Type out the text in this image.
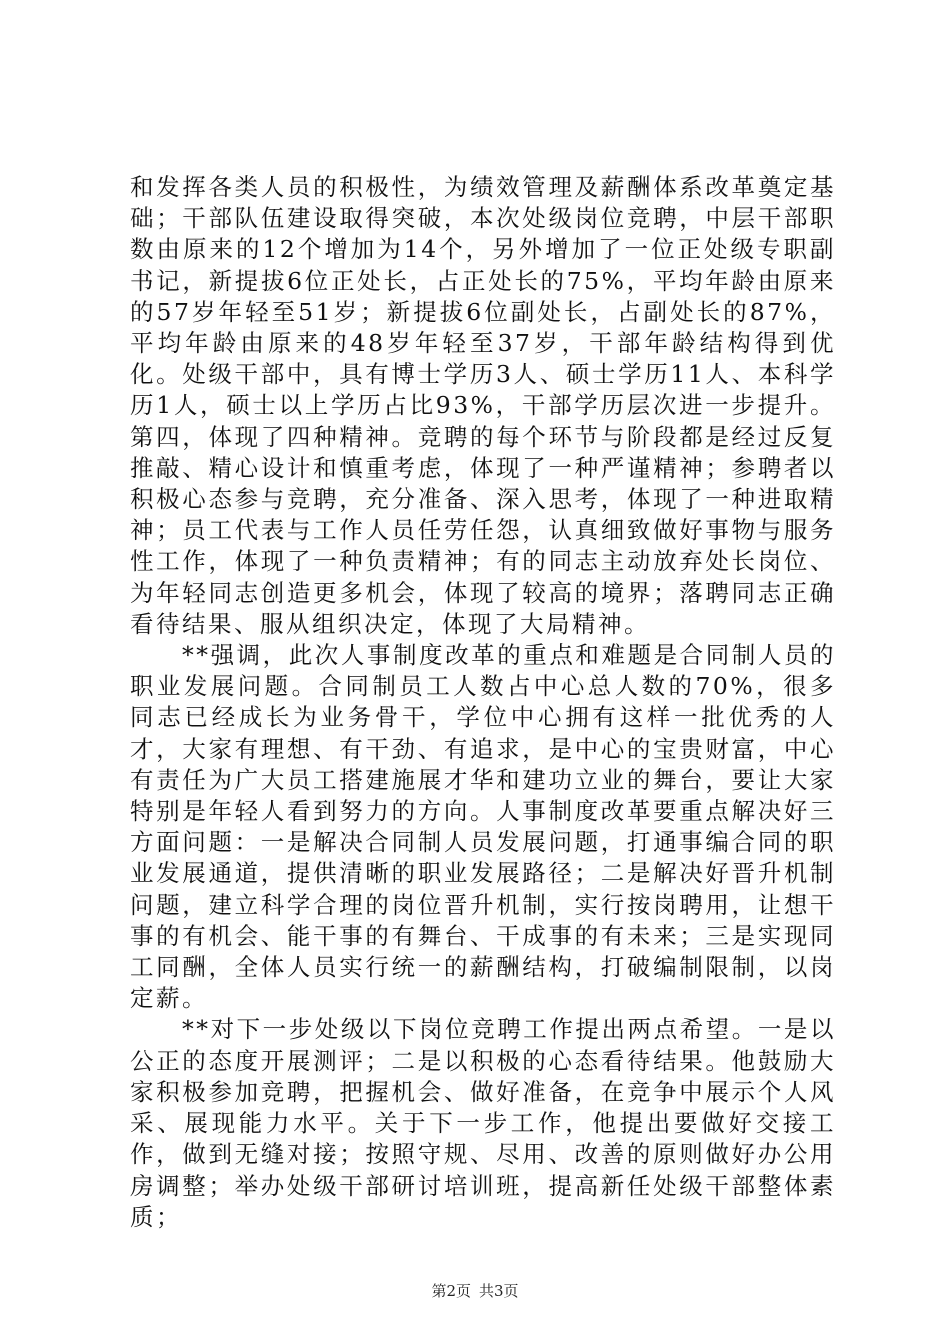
和发挥各类人员的积极性，为绩效管理及薪酬体系改革奠定基础；干部队伍建设取得突破，本次处级岗位竞聘，中层干部职数由原来的12个增加为14个，另外增加了一位正处级专职副书记，新提拔6位正处长，占正处长的75%，平均年龄由原来的57岁年轻至51岁；新提拔6位副处长，占副处长的87%，平均年龄由原来的48岁年轻至37岁，干部年龄结构得到优化。处级干部中，具有博士学历3人、硕士学历11人、本科学历1人，硕士以上学历占比93%，干部学历层次进一步提升。第四，体现了四种精神。竞聘的每个环节与阶段都是经过反复推敲、精心设计和慎重考虑，体现了一种严谨精神；参聘者以积极心态参与竞聘，充分准备、深入思考，体现了一种进取精神；员工代表与工作人员任劳任怨，认真细致做好事物与服务性工作，体现了一种负责精神；有的同志主动放弃处长岗位、为年轻同志创造更多机会，体现了较高的境界；落聘同志正确看待结果、服从组织决定，体现了大局精神。

**强调，此次人事制度改革的重点和难题是合同制人员的职业发展问题。合同制员工人数占中心总人数的70%，很多同志已经成长为业务骨干，学位中心拥有这样一批优秀的人才，大家有理想、有干劲、有追求，是中心的宝贵财富，中心有责任为广大员工搭建施展才华和建功立业的舞台，要让大家特别是年轻人看到努力的方向。人事制度改革要重点解决好三方面问题：一是解决合同制人员发展问题，打通事编合同的职业发展通道，提供清晰的职业发展路径；二是解决好晋升机制问题，建立科学合理的岗位晋升机制，实行按岗聘用，让想干事的有机会、能干事的有舞台、干成事的有未来；三是实现同工同酬，全体人员实行统一的薪酬结构，打破编制限制，以岗定薪。

**对下一步处级以下岗位竞聘工作提出两点希望。一是以公正的态度开展测评；二是以积极的心态看待结果。他鼓励大家积极参加竞聘，把握机会、做好准备，在竞争中展示个人风采、展现能力水平。关于下一步工作，他提出要做好交接工作，做到无缝对接；按照守规、尽用、改善的原则做好办公用房调整；举办处级干部研讨培训班，提高新任处级干部整体素质；

第2页 共3页
